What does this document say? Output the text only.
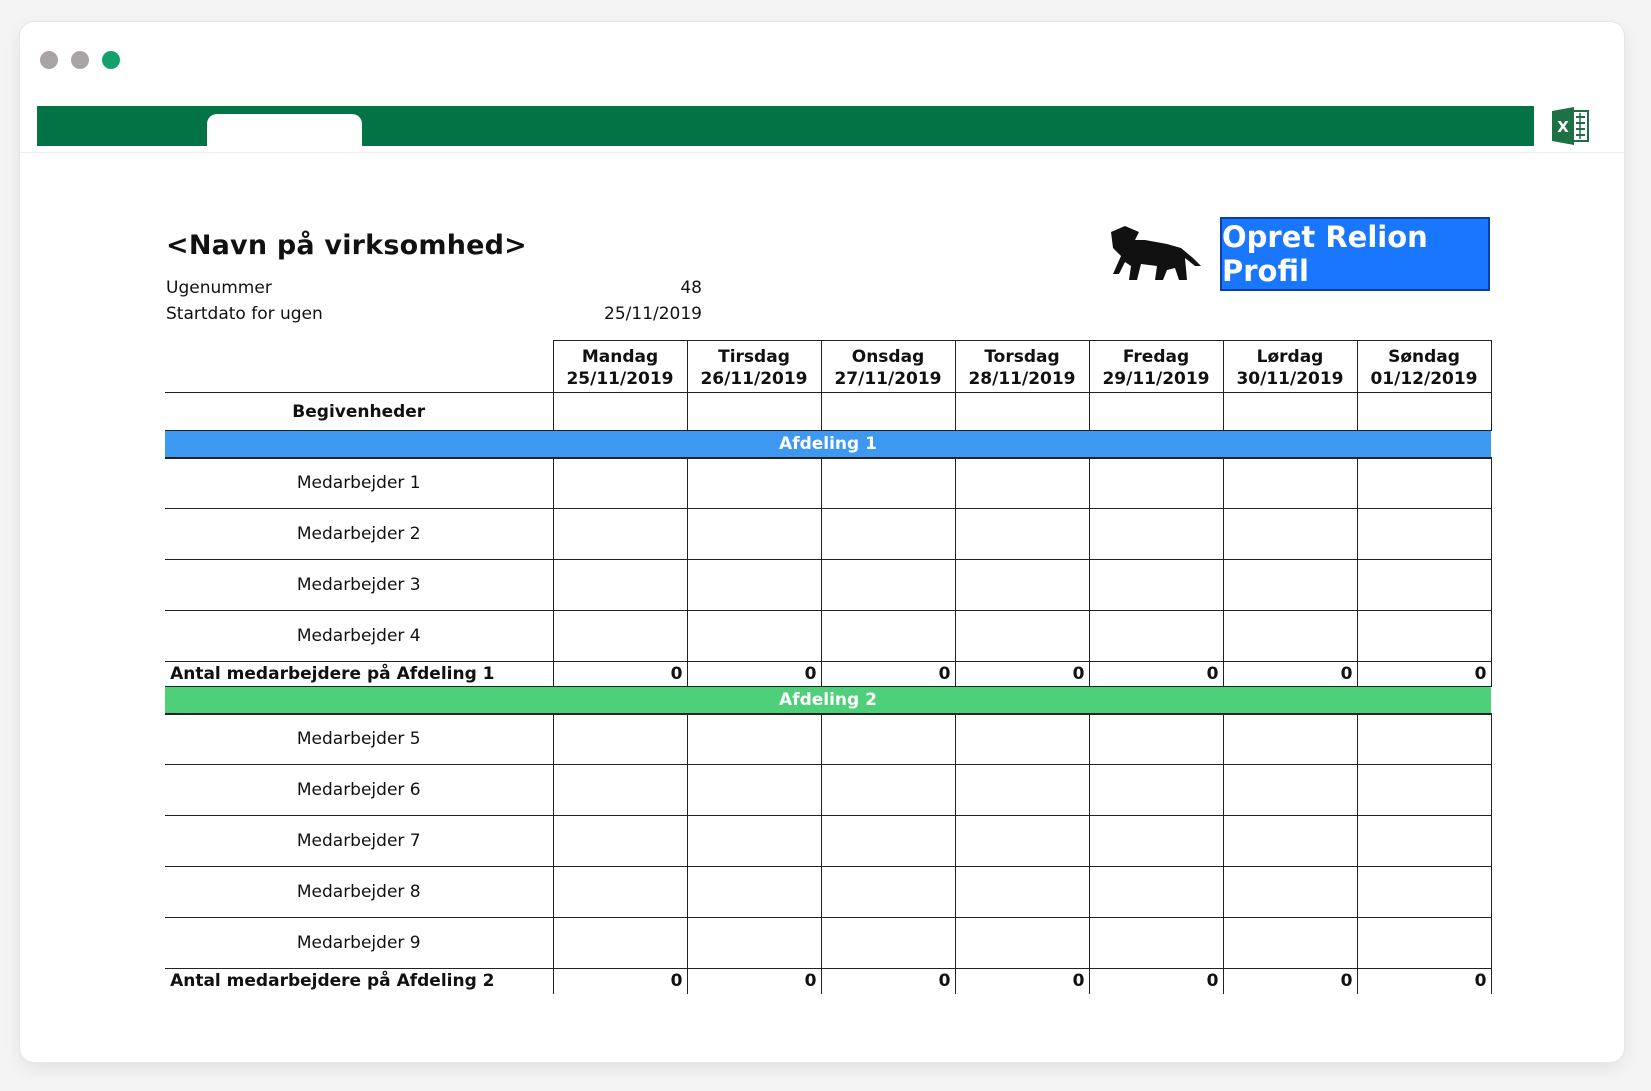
X
<Navn på virksomhed>
Ugenummer	48
Startdato for ugen	25/11/2019
Opret Relion Profil
	Mandag	Tirsdag	Onsdag	Torsdag	Fredag	Lørdag	Søndag
	25/11/2019	26/11/2019	27/11/2019	28/11/2019	29/11/2019	30/11/2019	01/12/2019
Begivenheder							
Afdeling 1							
Medarbejder 1							
Medarbejder 2							
Medarbejder 3							
Medarbejder 4							
Antal medarbejdere på Afdeling 1	0	0	0	0	0	0	0
Afdeling 2							
Medarbejder 5							
Medarbejder 6							
Medarbejder 7							
Medarbejder 8							
Medarbejder 9							
Antal medarbejdere på Afdeling 2	0	0	0	0	0	0	0
